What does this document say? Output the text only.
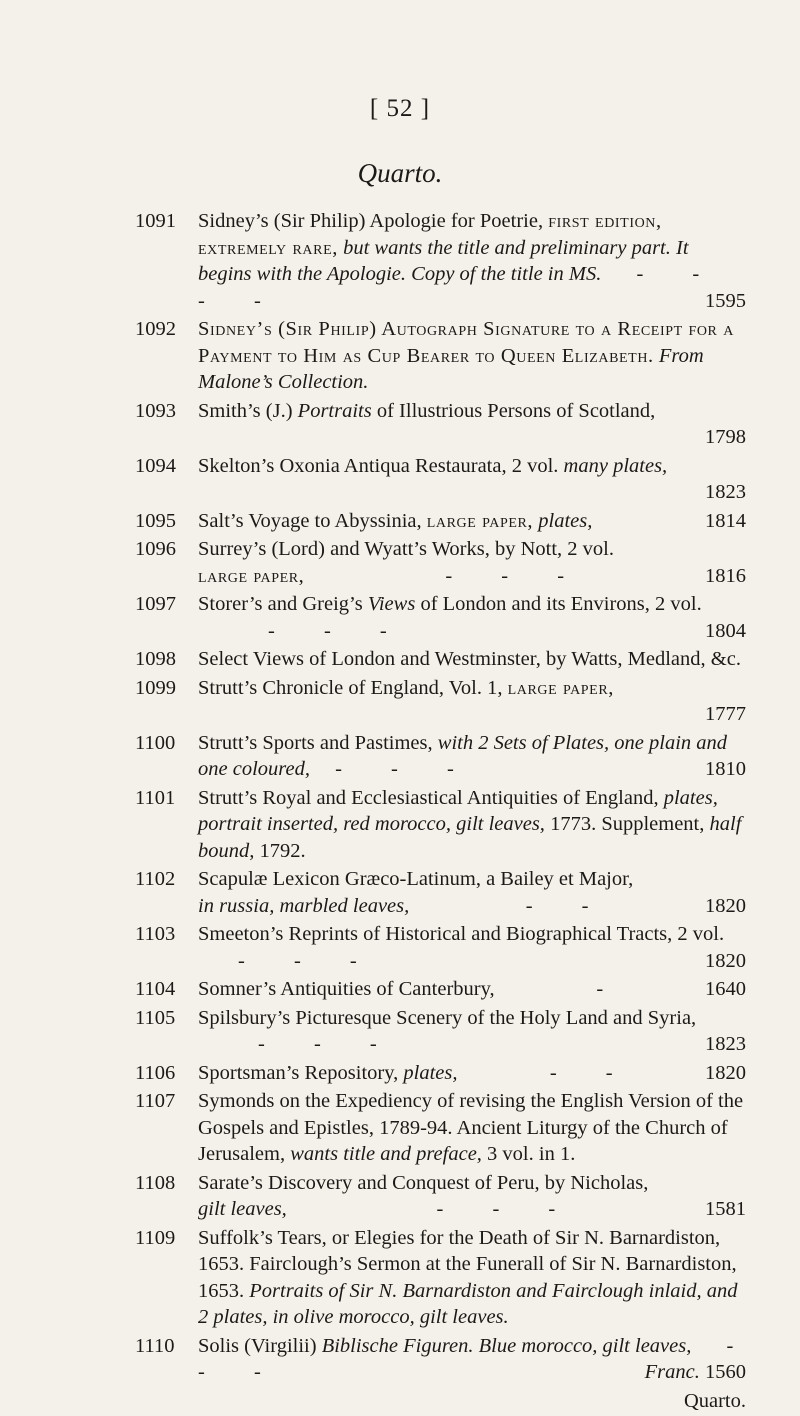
[ 52 ]
Quarto.
1091 Sidney’s (Sir Philip) Apologie for Poetrie, first edition, extremely rare, but wants the title and preliminary part. It begins with the Apologie. Copy of the title in MS. - - - -	1595
1092 Sidney’s (Sir Philip) Autograph Signature to a Receipt for a Payment to Him as Cup Bearer to Queen Elizabeth. From Malone’s Collection.
1093 Smith’s (J.) Portraits of Illustrious Persons of Scotland,
1798
1094 Skelton’s Oxonia Antiqua Restaurata, 2 vol. many plates,
1823
1095 Salt’s Voyage to Abyssinia, large paper, plates,	1814
1096 Surrey’s (Lord) and Wyatt’s Works, by Nott, 2 vol.
large paper,	- - -	1816
1097 Storer’s and Greig’s Views of London and its Environs, 2 vol. - - -	1804
1098 Select Views of London and Westminster, by Watts, Medland, &c.
1099 Strutt’s Chronicle of England, Vol. 1, large paper,
1777
1100 Strutt’s Sports and Pastimes, with 2 Sets of Plates, one plain and one coloured, - - -	1810
1101 Strutt’s Royal and Ecclesiastical Antiquities of England, plates, portrait inserted, red morocco, gilt leaves, 1773. Supplement, half bound, 1792.
1102 Scapulæ Lexicon Græco-Latinum, a Bailey et Major,
in russia, marbled leaves,	- -	1820
1103 Smeeton’s Reprints of Historical and Biographical Tracts, 2 vol. - - -	1820
1104 Somner’s Antiquities of Canterbury,	-	1640
1105 Spilsbury’s Picturesque Scenery of the Holy Land and Syria, - - -	1823
1106 Sportsman’s Repository, plates,	- -	1820
1107 Symonds on the Expediency of revising the English Version of the Gospels and Epistles, 1789-94. Ancient Liturgy of the Church of Jerusalem, wants title and preface, 3 vol. in 1.
1108 Sarate’s Discovery and Conquest of Peru, by Nicholas,
gilt leaves,	- - -	1581
1109 Suffolk’s Tears, or Elegies for the Death of Sir N. Barnardiston, 1653. Fairclough’s Sermon at the Funerall of Sir N. Barnardiston, 1653. Portraits of Sir N. Barnardiston and Fairclough inlaid, and 2 plates, in olive morocco, gilt leaves.
1110 Solis (Virgilii) Biblische Figuren. Blue morocco, gilt leaves, - - -	Franc. 1560
Quarto.
